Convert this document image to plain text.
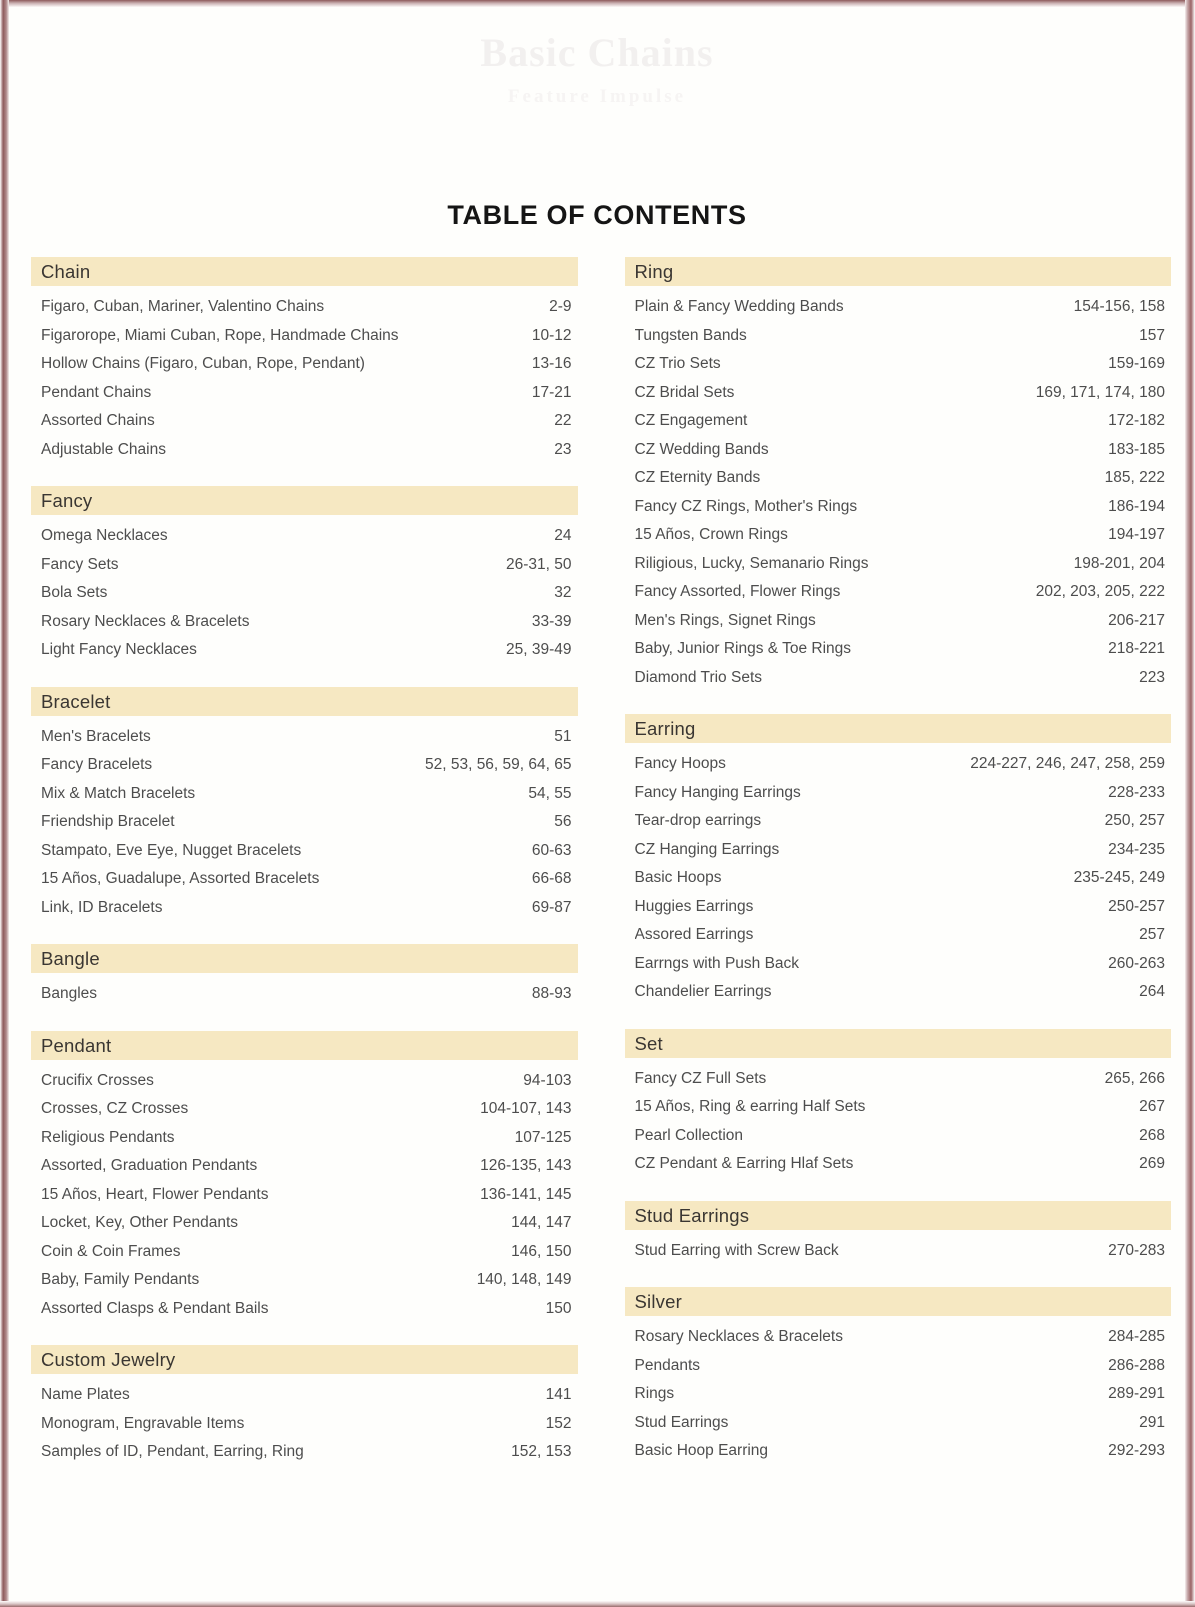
Basic Chains
Feature Impulse
TABLE OF CONTENTS
Chain
Figaro, Cuban, Mariner, Valentino Chains	2-9
Figarorope, Miami Cuban, Rope, Handmade Chains	10-12
Hollow Chains (Figaro, Cuban, Rope, Pendant)	13-16
Pendant Chains	17-21
Assorted Chains	22
Adjustable Chains	23
Fancy
Omega Necklaces	24
Fancy Sets	26-31, 50
Bola Sets	32
Rosary Necklaces & Bracelets	33-39
Light Fancy Necklaces	25, 39-49
Bracelet
Men's Bracelets	51
Fancy Bracelets	52, 53, 56, 59, 64, 65
Mix & Match Bracelets	54, 55
Friendship Bracelet	56
Stampato, Eve Eye, Nugget Bracelets	60-63
15 Años, Guadalupe, Assorted Bracelets	66-68
Link, ID Bracelets	69-87
Bangle
Bangles	88-93
Pendant
Crucifix Crosses	94-103
Crosses, CZ Crosses	104-107, 143
Religious Pendants	107-125
Assorted, Graduation Pendants	126-135, 143
15 Años, Heart, Flower Pendants	136-141, 145
Locket, Key, Other Pendants	144, 147
Coin & Coin Frames	146, 150
Baby, Family Pendants	140, 148, 149
Assorted Clasps & Pendant Bails	150
Custom Jewelry
Name Plates	141
Monogram, Engravable Items	152
Samples of ID, Pendant, Earring, Ring	152, 153
Ring
Plain & Fancy Wedding Bands	154-156, 158
Tungsten Bands	157
CZ Trio Sets	159-169
CZ Bridal Sets	169, 171, 174, 180
CZ Engagement	172-182
CZ Wedding Bands	183-185
CZ Eternity Bands	185, 222
Fancy CZ Rings, Mother's Rings	186-194
15 Años, Crown Rings	194-197
Riligious, Lucky, Semanario Rings	198-201, 204
Fancy Assorted, Flower Rings	202, 203, 205, 222
Men's Rings, Signet Rings	206-217
Baby, Junior Rings & Toe Rings	218-221
Diamond Trio Sets	223
Earring
Fancy Hoops	224-227, 246, 247, 258, 259
Fancy Hanging Earrings	228-233
Tear-drop earrings	250, 257
CZ Hanging Earrings	234-235
Basic Hoops	235-245, 249
Huggies Earrings	250-257
Assored Earrings	257
Earrngs with Push Back	260-263
Chandelier Earrings	264
Set
Fancy CZ Full Sets	265, 266
15 Años, Ring & earring Half Sets	267
Pearl Collection	268
CZ Pendant & Earring Hlaf Sets	269
Stud Earrings
Stud Earring with Screw Back	270-283
Silver
Rosary Necklaces & Bracelets	284-285
Pendants	286-288
Rings	289-291
Stud Earrings	291
Basic Hoop Earring	292-293
